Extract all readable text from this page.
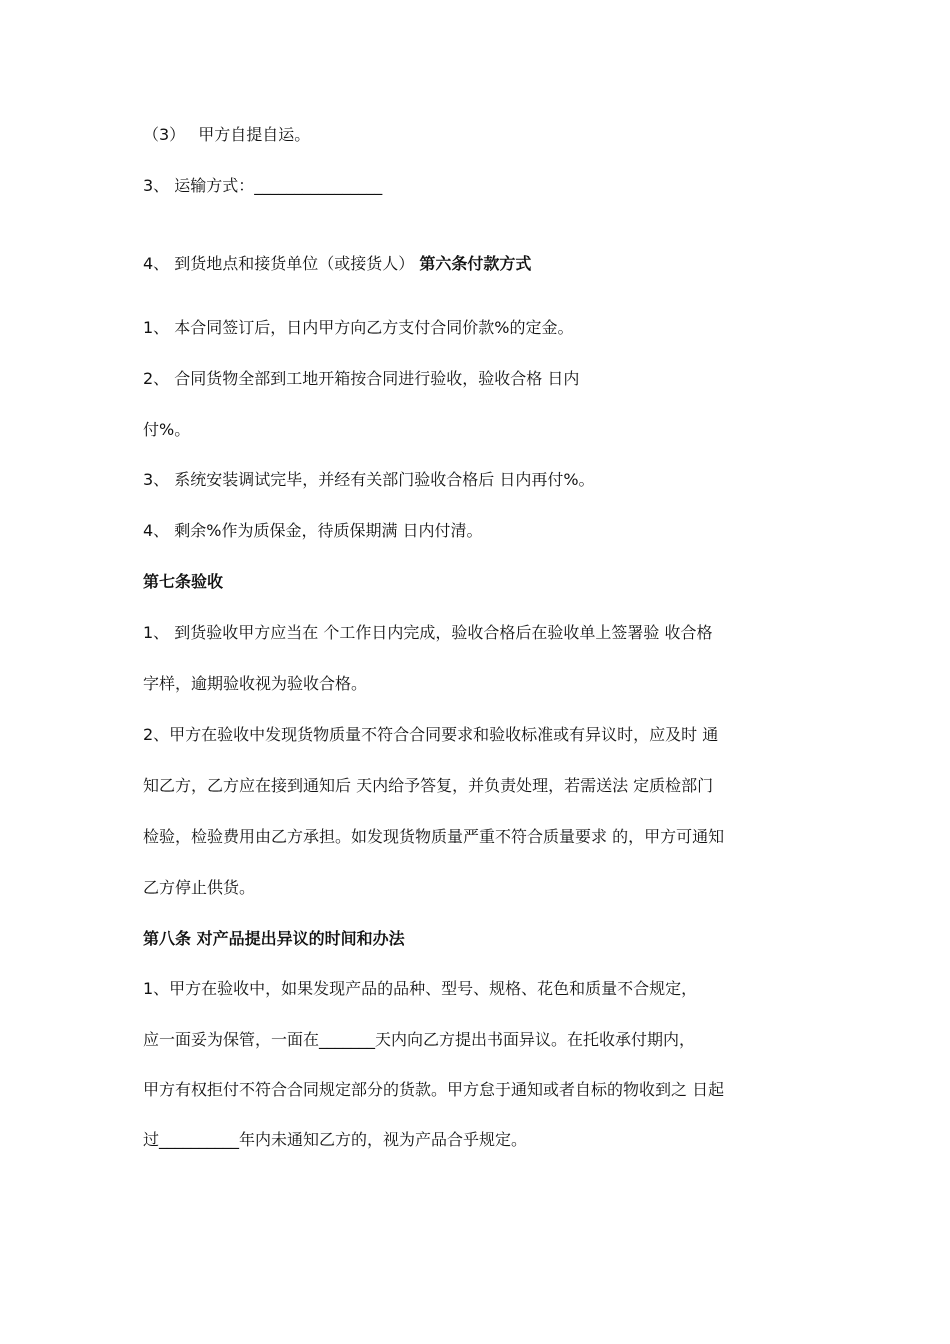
（3）　 甲方自提自运。

3、 运输方式：________________

4、 到货地点和接货单位（或接货人） 第六条付款方式

1、 本合同签订后，日内甲方向乙方支付合同价款%的定金。

2、 合同货物全部到工地开箱按合同进行验收，验收合格 日内

付%。

3、 系统安装调试完毕，并经有关部门验收合格后 日内再付%。

4、 剩余%作为质保金，待质保期满 日内付清。

第七条验收

1、 到货验收甲方应当在 个工作日内完成，验收合格后在验收单上签署验 收合格

字样，逾期验收视为验收合格。

2、甲方在验收中发现货物质量不符合合同要求和验收标准或有异议时，应及时 通

知乙方，乙方应在接到通知后 天内给予答复，并负责处理，若需送法 定质检部门

检验，检验费用由乙方承担。如发现货物质量严重不符合质量要求 的，甲方可通知

乙方停止供货。

第八条 对产品提出异议的时间和办法

1、甲方在验收中，如果发现产品的品种、型号、规格、花色和质量不合规定，

应一面妥为保管，一面在_______天内向乙方提出书面异议。在托收承付期内，

甲方有权拒付不符合合同规定部分的货款。甲方怠于通知或者自标的物收到之 日起

过__________年内未通知乙方的，视为产品合乎规定。
